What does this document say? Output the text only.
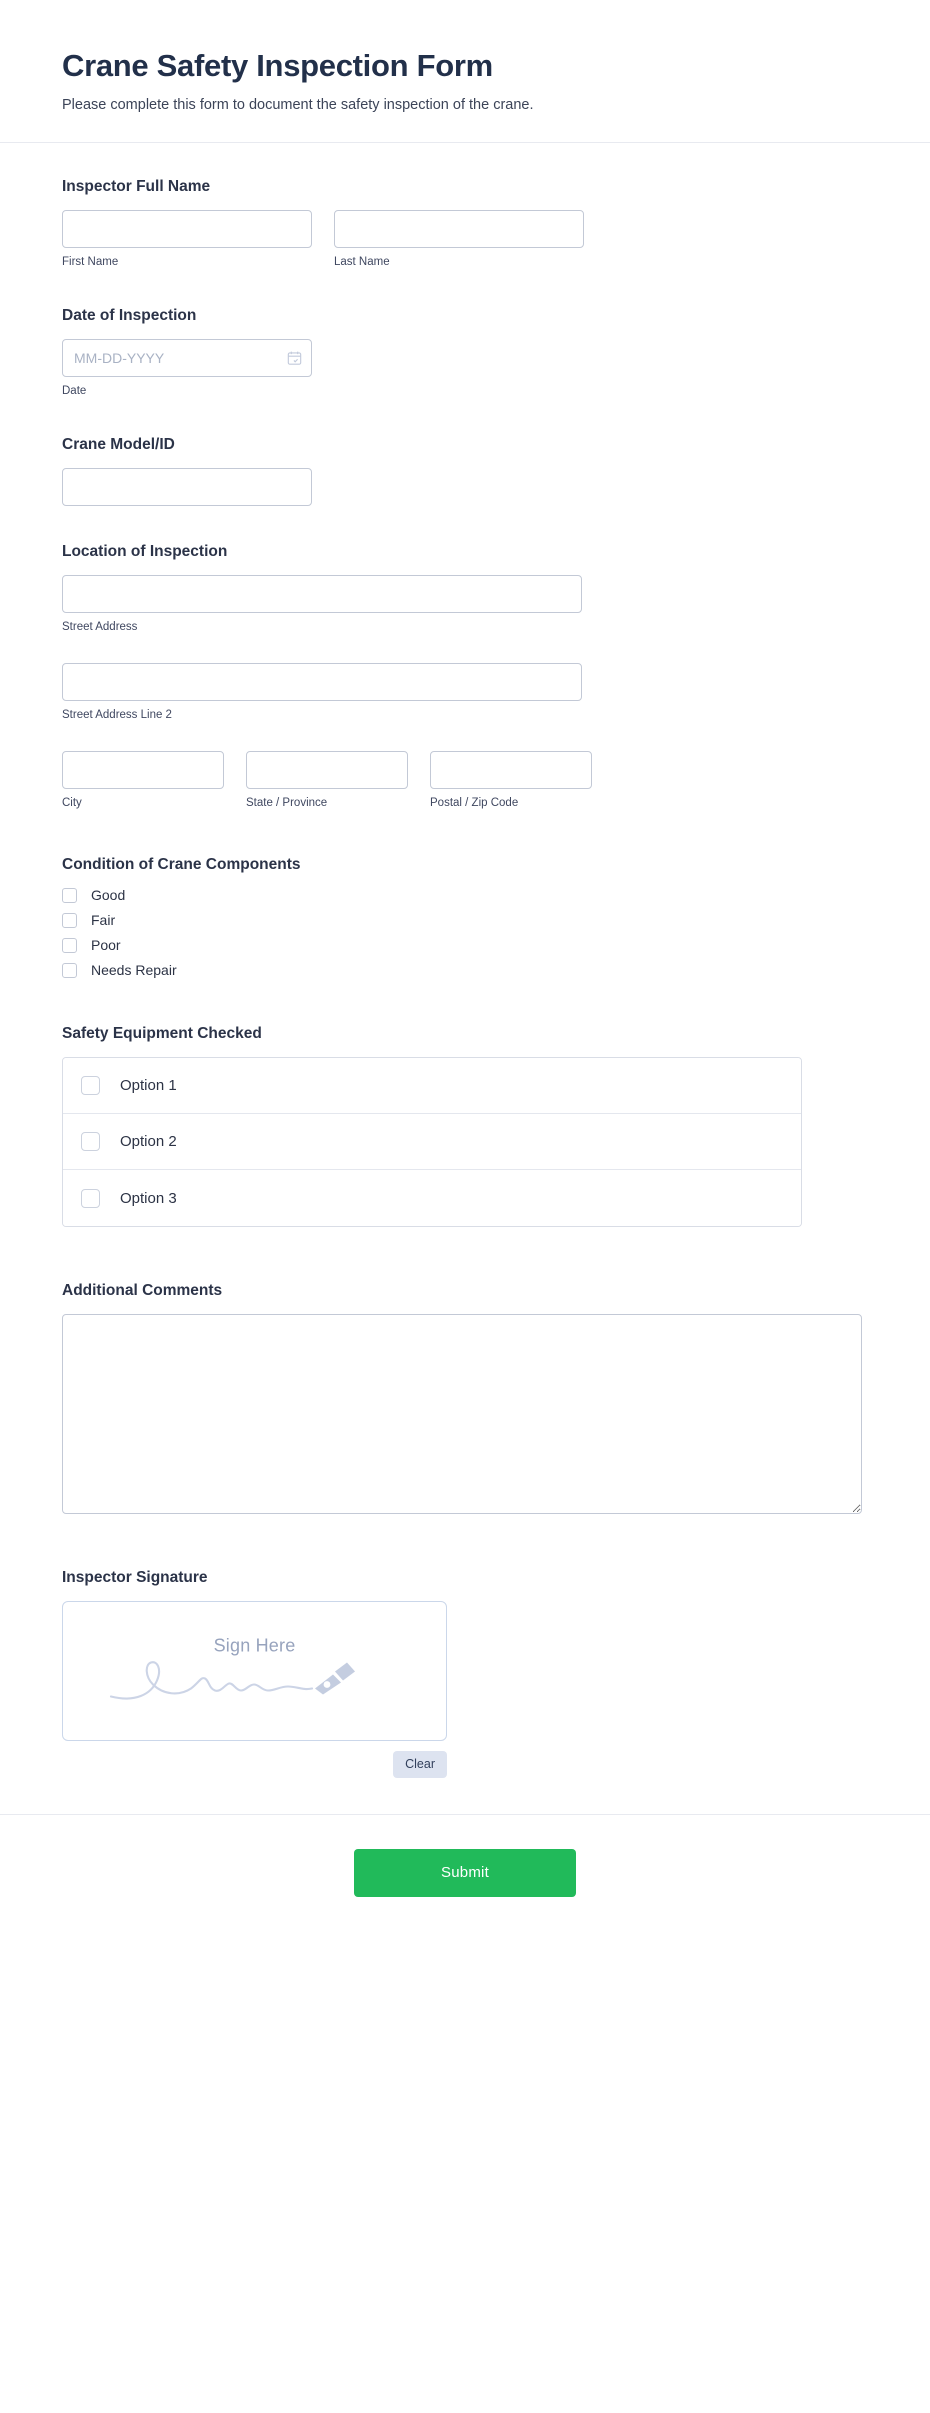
Crane Safety Inspection Form

Please complete this form to document the safety inspection of the crane.

Inspector Full Name
First Name	Last Name
Date of Inspection
MM-DD-YYYY
Date
Crane Model/ID
Location of Inspection
Street Address
Street Address Line 2
City	State / Province	Postal / Zip Code
Condition of Crane Components
Good
Fair
Poor
Needs Repair
Safety Equipment Checked
Option 1
Option 2
Option 3
Additional Comments
Inspector Signature
Sign Here
Clear
Submit
